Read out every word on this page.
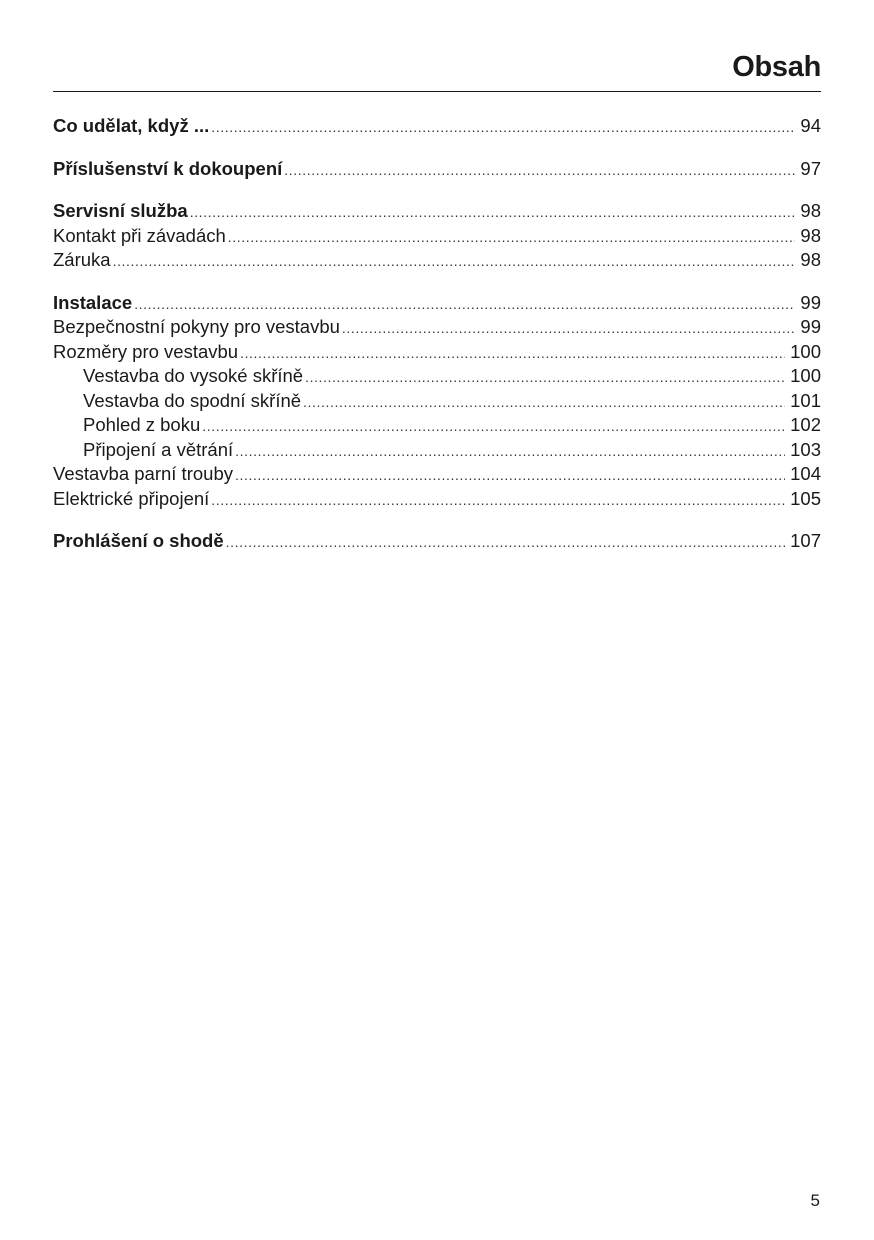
Obsah
Co udělat, když ... .....	94
Příslušenství k dokoupení .....	97
Servisní služba .....	98
Kontakt při závadách .....	98
Záruka .....	98
Instalace .....	99
Bezpečnostní pokyny pro vestavbu .....	99
Rozměry pro vestavbu .....	100
Vestavba do vysoké skříně .....	100
Vestavba do spodní skříně .....	101
Pohled z boku .....	102
Připojení a větrání .....	103
Vestavba parní trouby .....	104
Elektrické připojení .....	105
Prohlášení o shodě .....	107
5
